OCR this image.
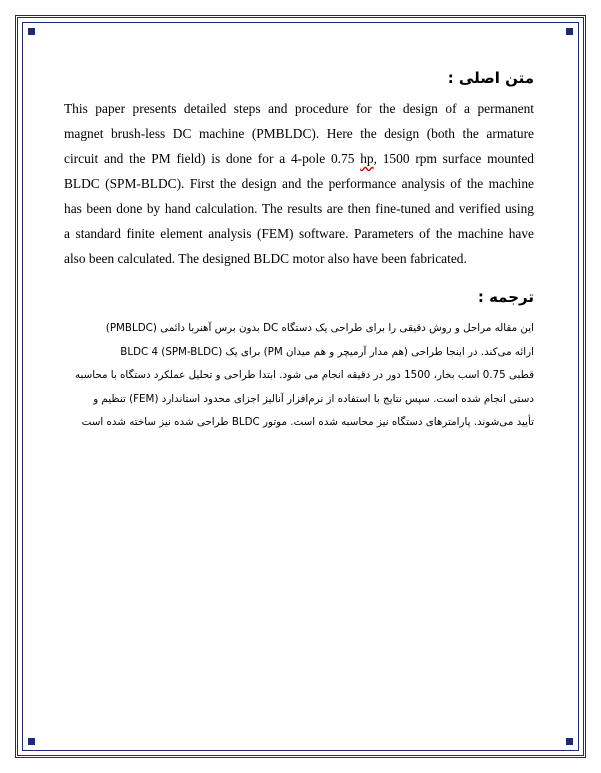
متن اصلی :
This paper presents detailed steps and procedure for the design of a permanent
magnet brush-less DC machine (PMBLDC). Here the design (both the armature
circuit and the PM field) is done for a 4-pole 0.75 hp, 1500 rpm surface mounted
BLDC (SPM-BLDC). First the design and the performance analysis of the machine
has been done by hand calculation. The results are then fine-tuned and verified using
a standard finite element analysis (FEM) software. Parameters of the machine have
also been calculated. The designed BLDC motor also have been fabricated.
ترجمه :
این مقاله مراحل و روش دقیقی را برای طراحی یک دستگاه DC بدون برس آهنربا دائمی (PMBLDC)
ارائه می‌کند. در اینجا طراحی (هم مدار آرمیچر و هم میدان PM) برای یک (SPM-BLDC) BLDC 4
قطبی 0.75 اسب بخار، 1500 دور در دقیقه انجام می شود. ابتدا طراحی و تحلیل عملکرد دستگاه با محاسبه
دستی انجام شده است. سپس نتایج با استفاده از نرم‌افزار آنالیز اجزای محدود استاندارد (FEM) تنظیم و
تأیید می‌شوند. پارامترهای دستگاه نیز محاسبه شده است. موتور BLDC طراحی شده نیز ساخته شده است
